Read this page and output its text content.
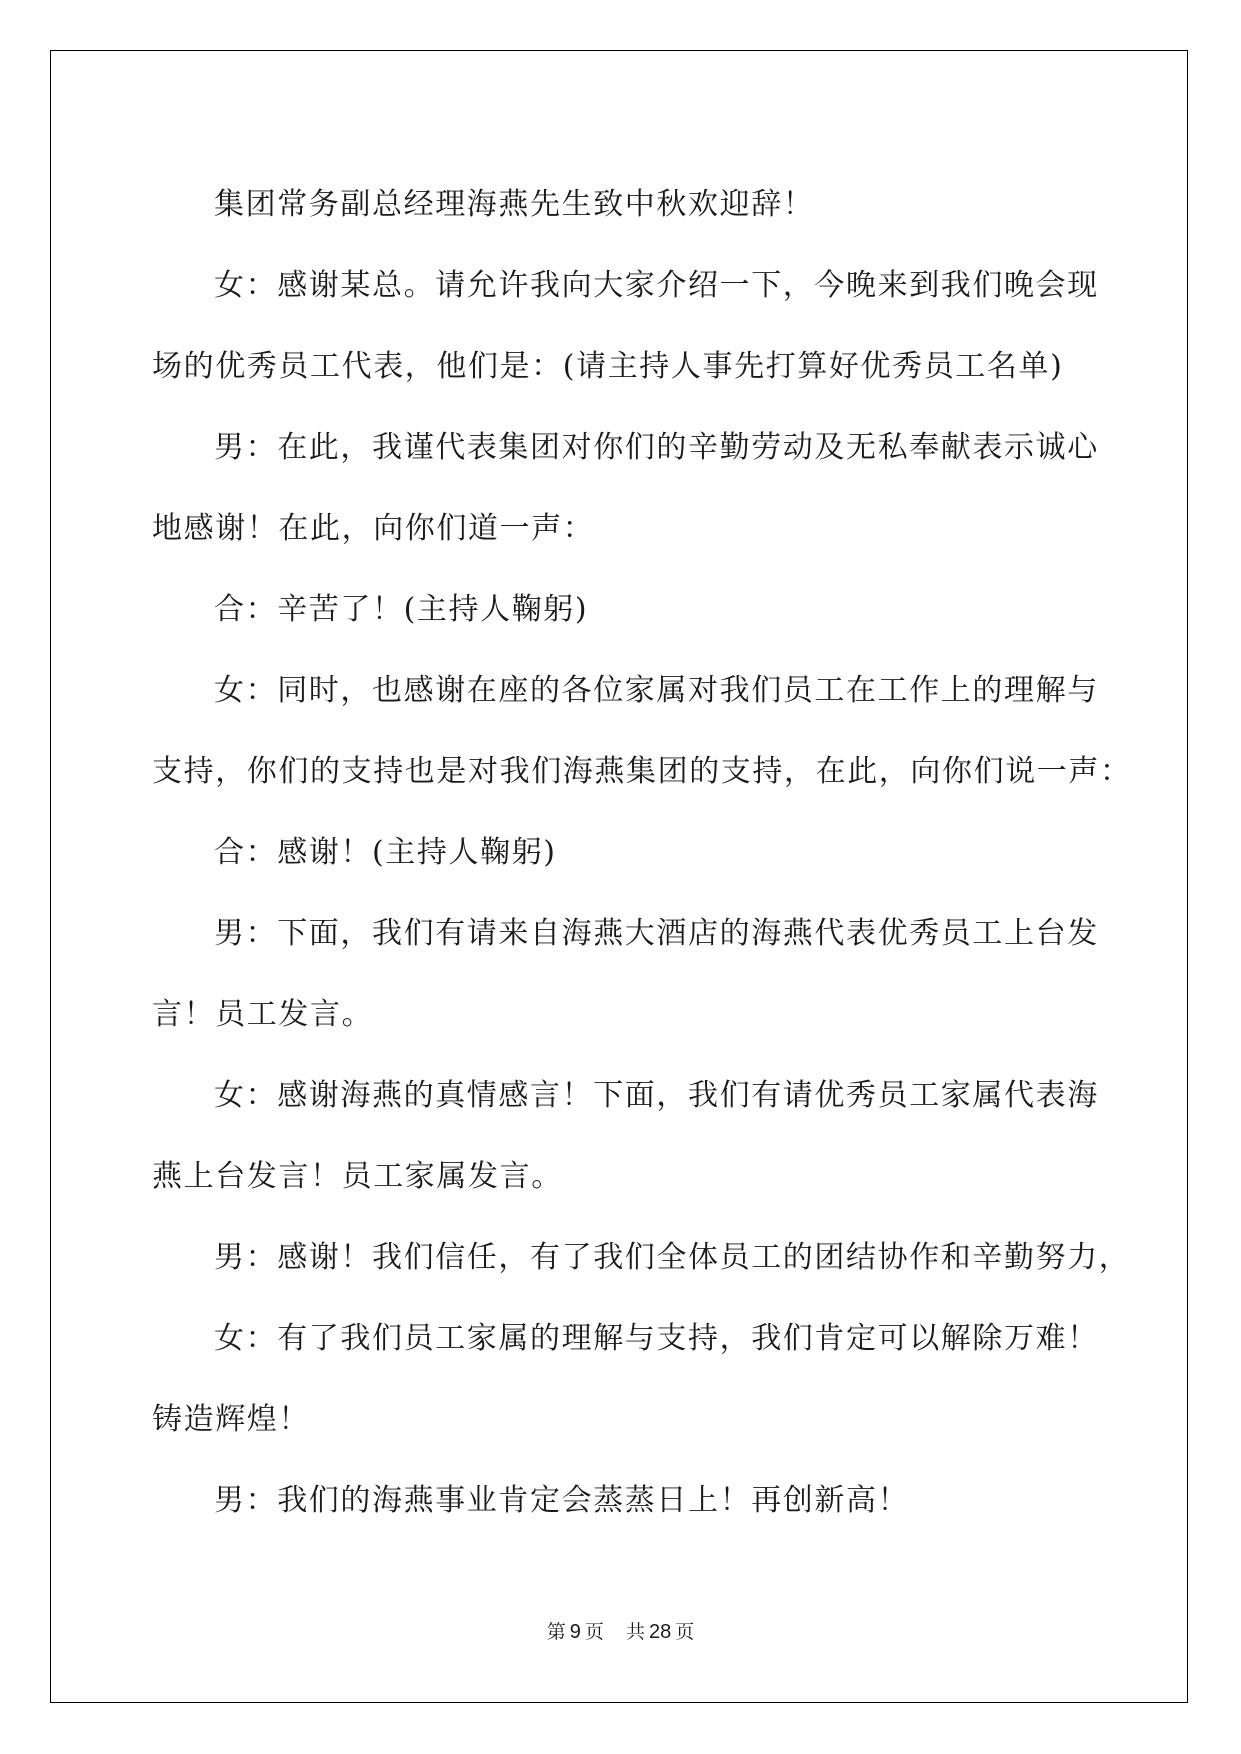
集团常务副总经理海燕先生致中秋欢迎辞！

女：感谢某总。请允许我向大家介绍一下，今晚来到我们晚会现

场的优秀员工代表，他们是：(请主持人事先打算好优秀员工名单)

男：在此，我谨代表集团对你们的辛勤劳动及无私奉献表示诚心

地感谢！在此，向你们道一声：

合：辛苦了！(主持人鞠躬)

女：同时，也感谢在座的各位家属对我们员工在工作上的理解与

支持，你们的支持也是对我们海燕集团的支持，在此，向你们说一声：

合：感谢！(主持人鞠躬)

男：下面，我们有请来自海燕大酒店的海燕代表优秀员工上台发

言！员工发言。

女：感谢海燕的真情感言！下面，我们有请优秀员工家属代表海

燕上台发言！员工家属发言。

男：感谢！我们信任，有了我们全体员工的团结协作和辛勤努力，

女：有了我们员工家属的理解与支持，我们肯定可以解除万难！

铸造辉煌！

男：我们的海燕事业肯定会蒸蒸日上！再创新高！

第 9 页 共 28 页
